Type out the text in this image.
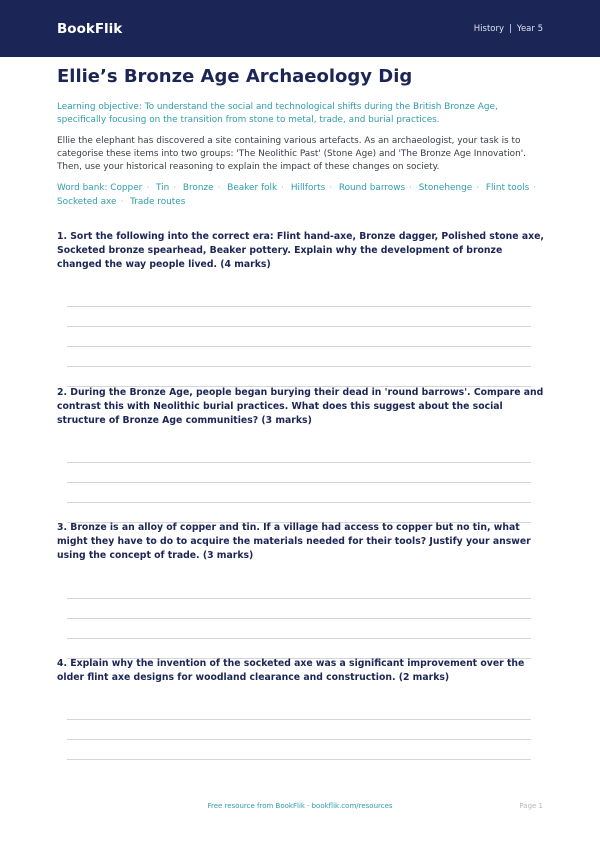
BookFlik	History | Year 5
Ellie’s Bronze Age Archaeology Dig
Learning objective: To understand the social and technological shifts during the British Bronze Age, specifically focusing on the transition from stone to metal, trade, and burial practices.
Ellie the elephant has discovered a site containing various artefacts. As an archaeologist, your task is to categorise these items into two groups: 'The Neolithic Past' (Stone Age) and 'The Bronze Age Innovation'. Then, use your historical reasoning to explain the impact of these changes on society.
Word bank: Copper · Tin · Bronze · Beaker folk · Hillforts · Round barrows · Stonehenge · Flint tools · Socketed axe · Trade routes
1. Sort the following into the correct era: Flint hand-axe, Bronze dagger, Polished stone axe, Socketed bronze spearhead, Beaker pottery. Explain why the development of bronze changed the way people lived. (4 marks)
2. During the Bronze Age, people began burying their dead in 'round barrows'. Compare and contrast this with Neolithic burial practices. What does this suggest about the social structure of Bronze Age communities? (3 marks)
3. Bronze is an alloy of copper and tin. If a village had access to copper but no tin, what might they have to do to acquire the materials needed for their tools? Justify your answer using the concept of trade. (3 marks)
4. Explain why the invention of the socketed axe was a significant improvement over the older flint axe designs for woodland clearance and construction. (2 marks)
Free resource from BookFlik · bookflik.com/resources	Page 1
